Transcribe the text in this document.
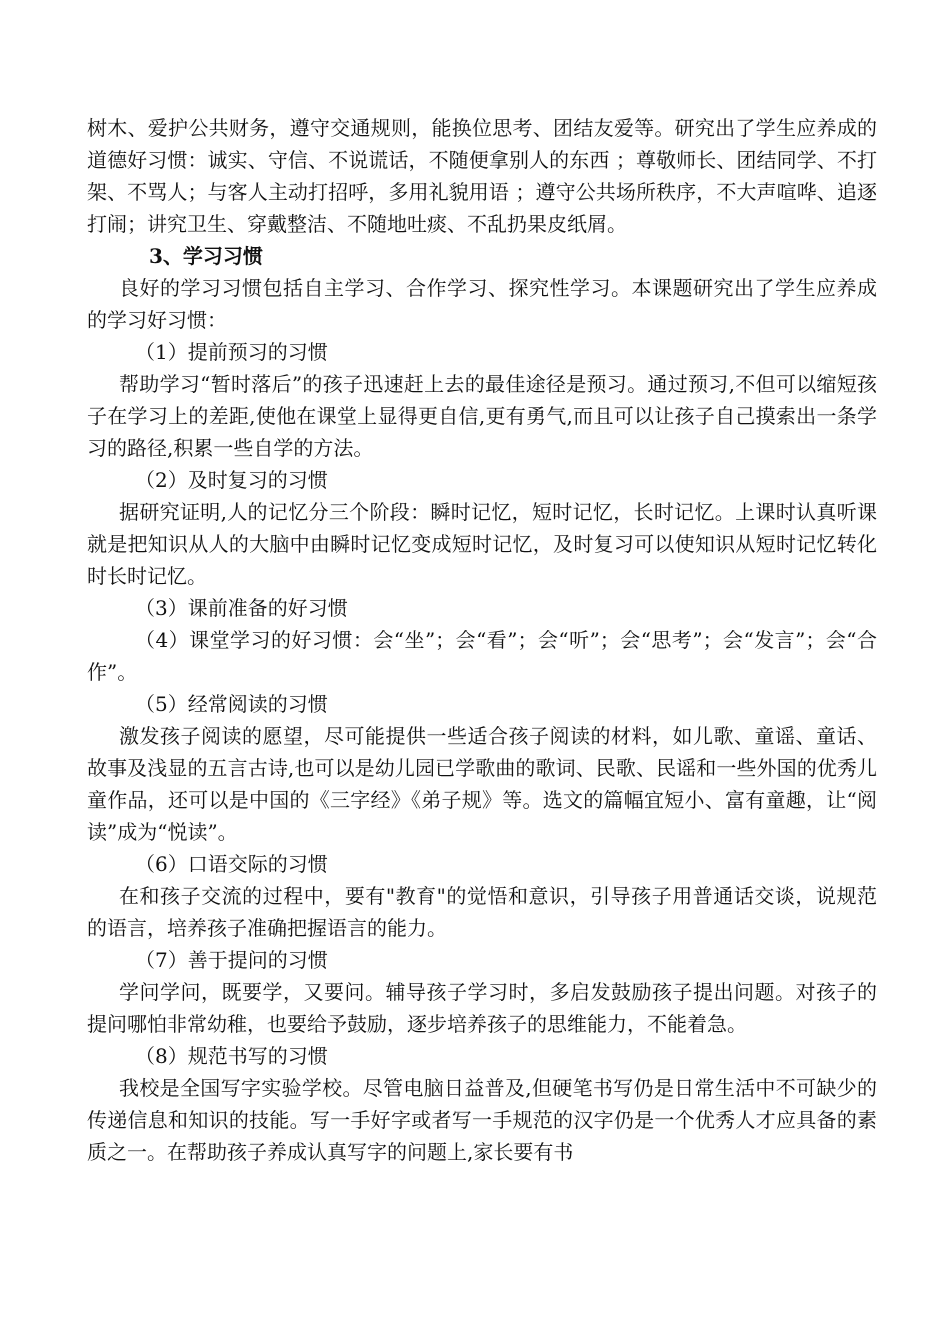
树木、爱护公共财务，遵守交通规则，能换位思考、团结友爱等。研究出了学生应养成的道德好习惯：诚实、守信、不说谎话，不随便拿别人的东西 ；尊敬师长、团结同学、不打架、不骂人；与客人主动打招呼，多用礼貌用语 ；遵守公共场所秩序，不大声喧哗、追逐打闹；讲究卫生、穿戴整洁、不随地吐痰、不乱扔果皮纸屑。

3、学习习惯

良好的学习习惯包括自主学习、合作学习、探究性学习。本课题研究出了学生应养成的学习好习惯：

（1）提前预习的习惯

帮助学习“暂时落后”的孩子迅速赶上去的最佳途径是预习。通过预习,不但可以缩短孩子在学习上的差距,使他在课堂上显得更自信,更有勇气,而且可以让孩子自己摸索出一条学习的路径,积累一些自学的方法。

（2）及时复习的习惯

据研究证明,人的记忆分三个阶段：瞬时记忆，短时记忆，长时记忆。上课时认真听课就是把知识从人的大脑中由瞬时记忆变成短时记忆，及时复习可以使知识从短时记忆转化时长时记忆。

（3）课前准备的好习惯

（4）课堂学习的好习惯：会“坐”；会“看”；会“听”；会“思考”；会“发言”；会“合作”。

（5）经常阅读的习惯

激发孩子阅读的愿望，尽可能提供一些适合孩子阅读的材料，如儿歌、童谣、童话、故事及浅显的五言古诗,也可以是幼儿园已学歌曲的歌词、民歌、民谣和一些外国的优秀儿童作品，还可以是中国的《三字经》《弟子规》等。选文的篇幅宜短小、富有童趣，让“阅读”成为“悦读”。

（6）口语交际的习惯

在和孩子交流的过程中，要有"教育"的觉悟和意识，引导孩子用普通话交谈，说规范的语言，培养孩子准确把握语言的能力。

（7）善于提问的习惯

学问学问，既要学，又要问。辅导孩子学习时，多启发鼓励孩子提出问题。对孩子的提问哪怕非常幼稚，也要给予鼓励，逐步培养孩子的思维能力，不能着急。

（8）规范书写的习惯

我校是全国写字实验学校。尽管电脑日益普及,但硬笔书写仍是日常生活中不可缺少的传递信息和知识的技能。写一手好字或者写一手规范的汉字仍是一个优秀人才应具备的素质之一。在帮助孩子养成认真写字的问题上,家长要有书
